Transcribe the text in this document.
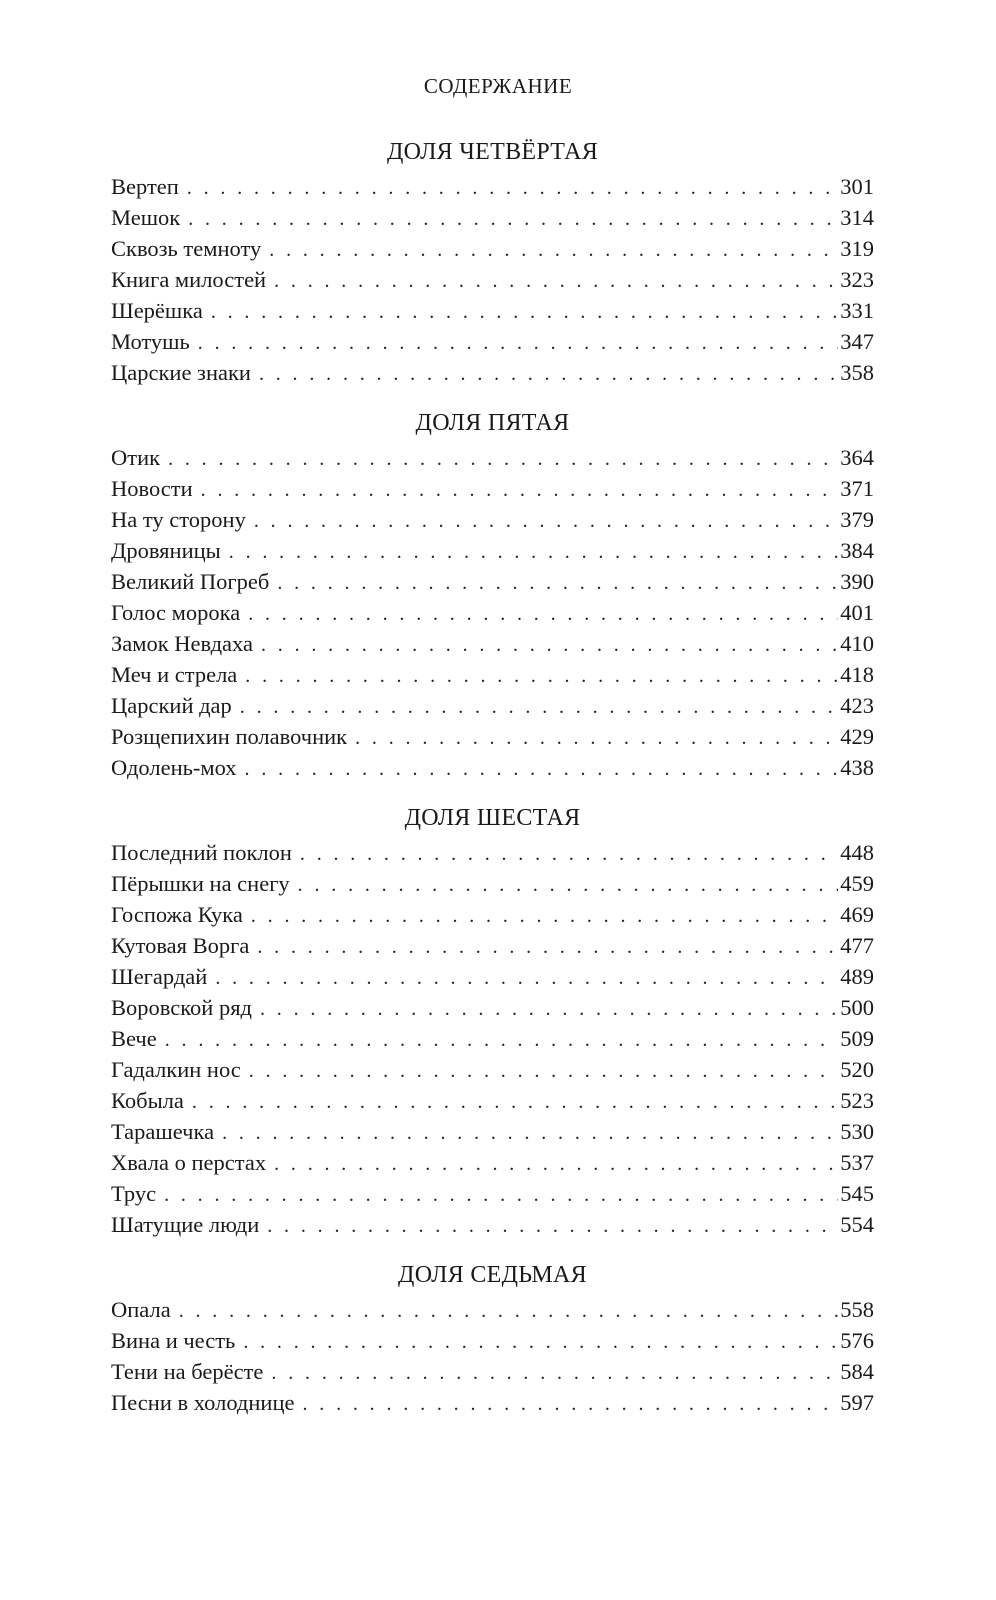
СОДЕРЖАНИЕ
ДОЛЯ ЧЕТВЁРТАЯ
Вертеп . . .	301
Мешок . . .	314
Сквозь темноту . . .	319
Книга милостей . . .	323
Шерёшка . . .	331
Мотушь . . .	347
Царские знаки . . .	358
ДОЛЯ ПЯТАЯ
Отик . . .	364
Новости . . .	371
На ту сторону . . .	379
Дровяницы . . .	384
Великий Погреб . . .	390
Голос морока . . .	401
Замок Невдаха . . .	410
Меч и стрела . . .	418
Царский дар . . .	423
Розщепихин полавочник . . .	429
Одолень-мох . . .	438
ДОЛЯ ШЕСТАЯ
Последний поклон . . .	448
Пёрышки на снегу . . .	459
Госпожа Кука . . .	469
Кутовая Ворга . . .	477
Шегардай . . .	489
Воровской ряд . . .	500
Вече . . .	509
Гадалкин нос . . .	520
Кобыла . . .	523
Тарашечка . . .	530
Хвала о перстах . . .	537
Трус . . .	545
Шатущие люди . . .	554
ДОЛЯ СЕДЬМАЯ
Опала . . .	558
Вина и честь . . .	576
Тени на берёсте . . .	584
Песни в холоднице . . .	597
